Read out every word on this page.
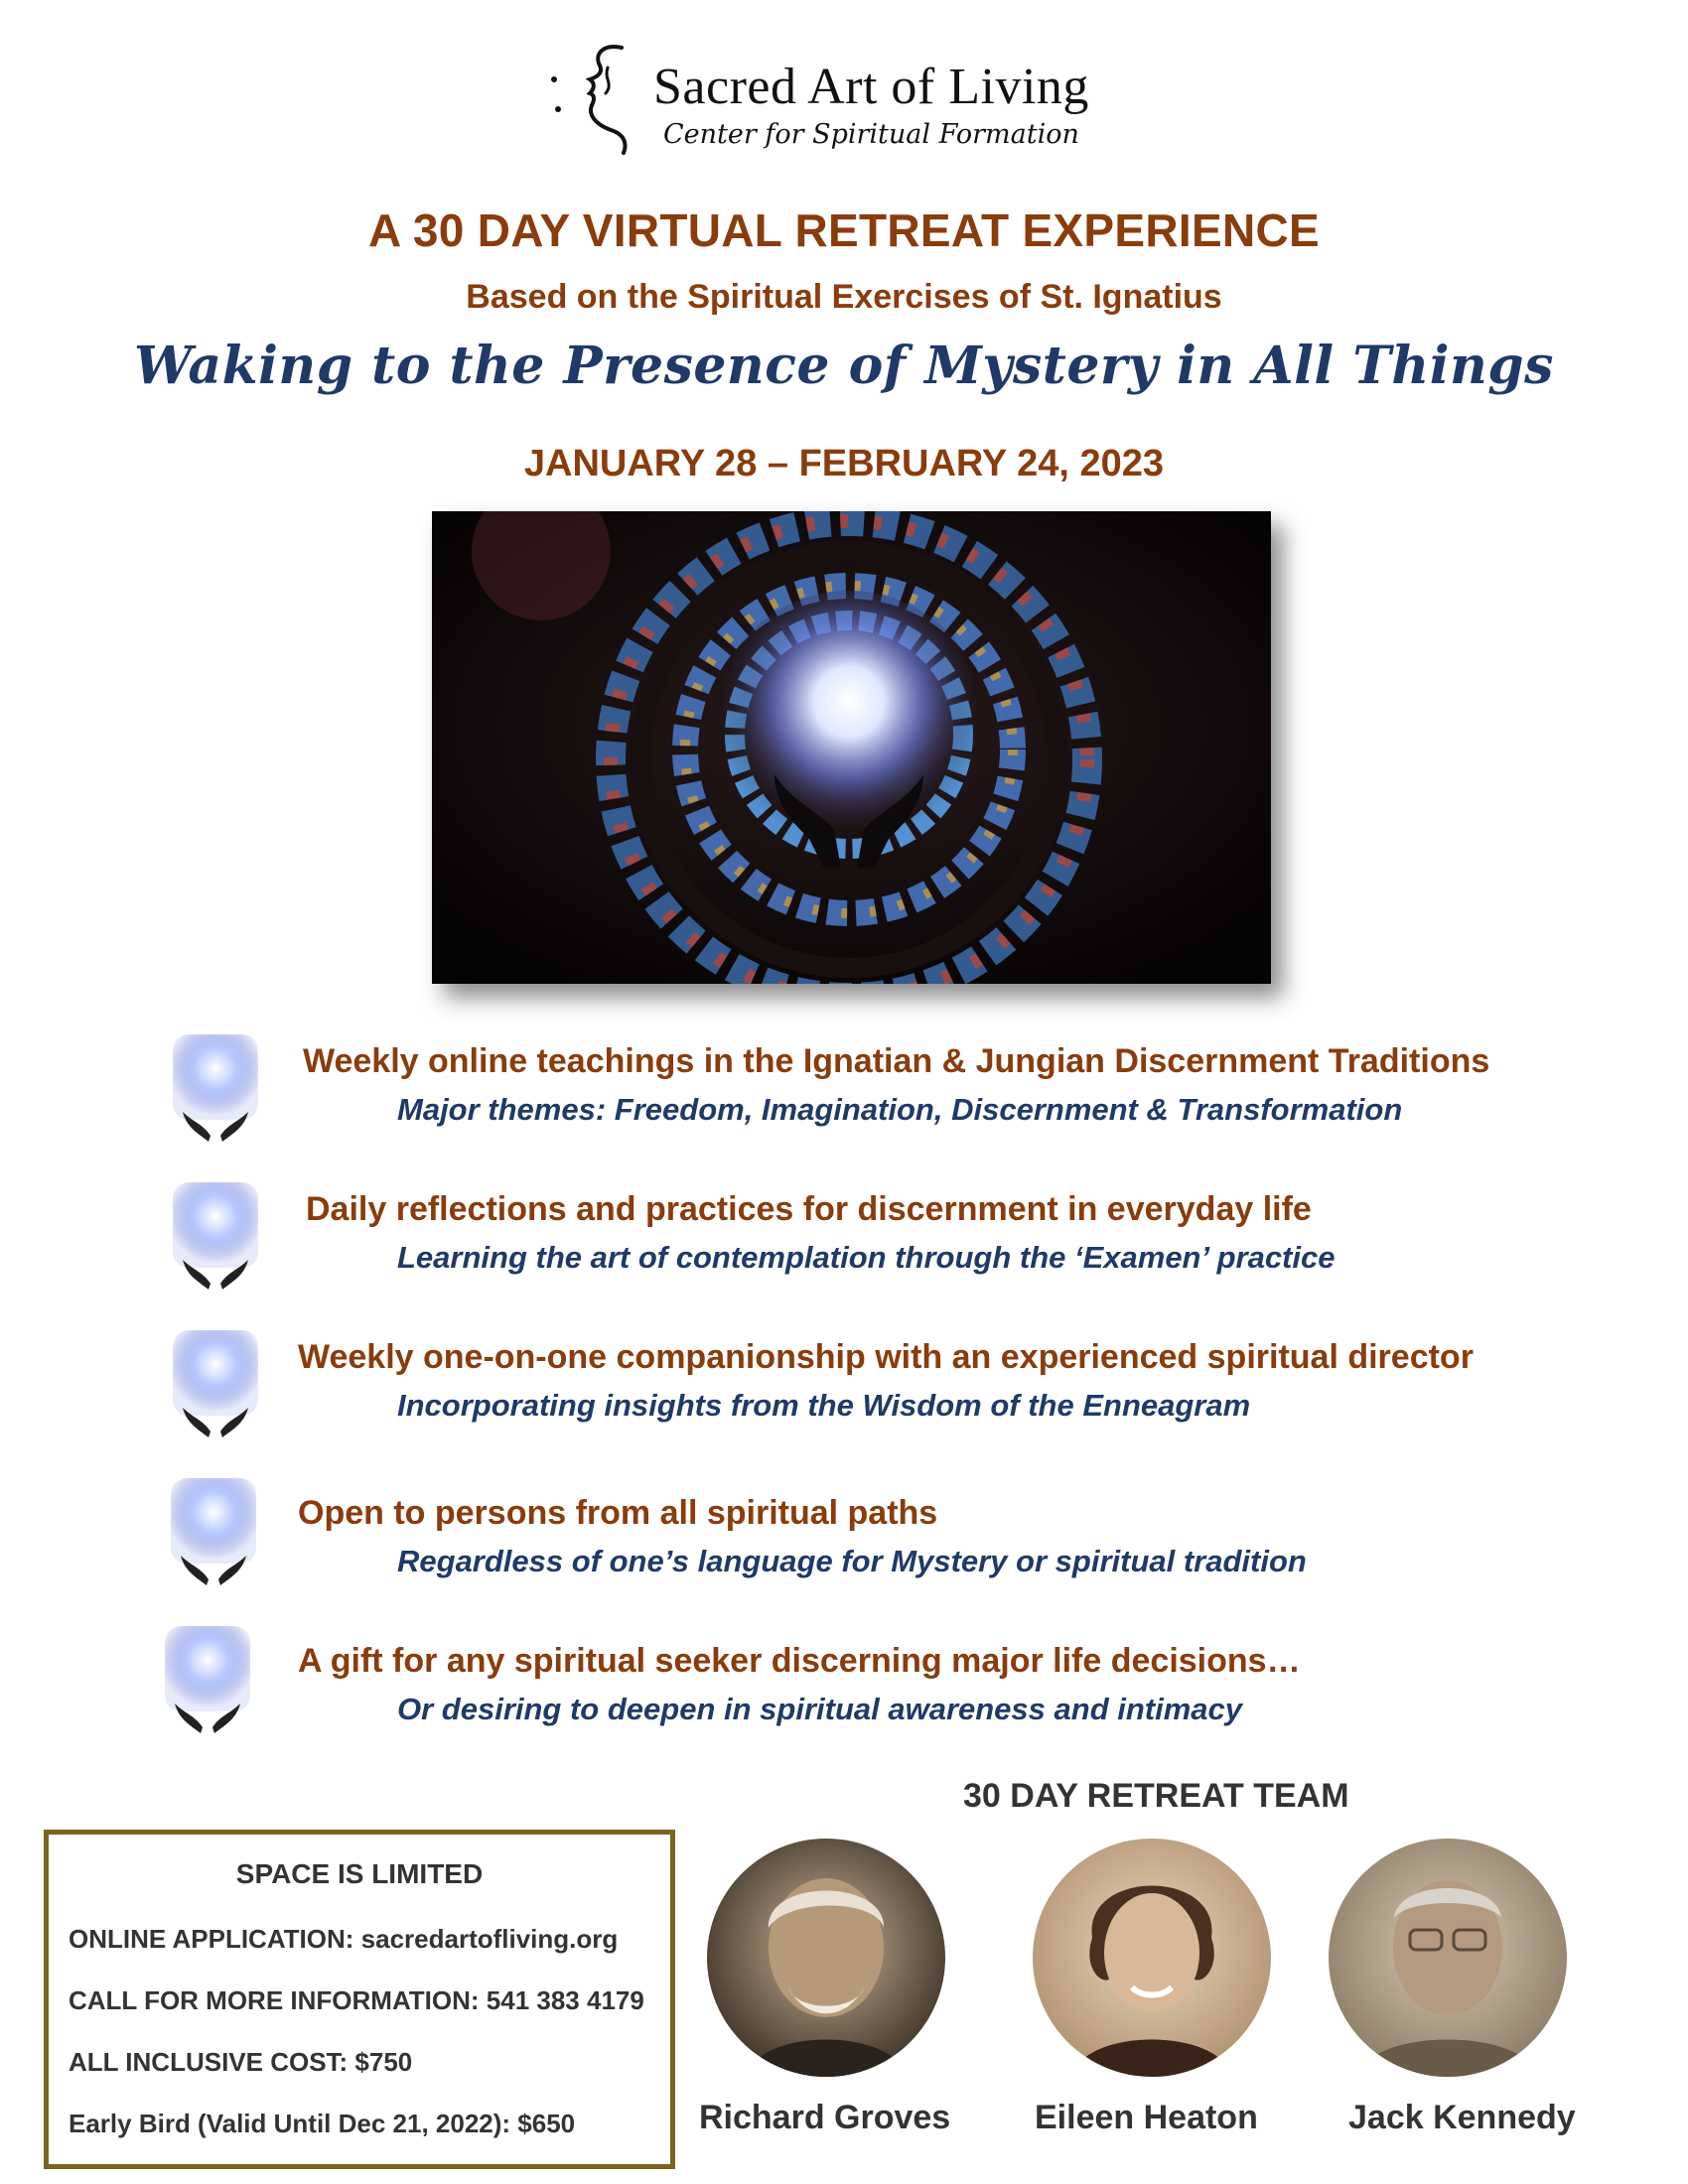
Sacred Art of Living
Center for Spiritual Formation
A 30 DAY VIRTUAL RETREAT EXPERIENCE
Based on the Spiritual Exercises of St. Ignatius
Waking to the Presence of Mystery in All Things
JANUARY 28 – FEBRUARY 24, 2023
Weekly online teachings in the Ignatian & Jungian Discernment Traditions
Major themes: Freedom, Imagination, Discernment & Transformation
Daily reflections and practices for discernment in everyday life
Learning the art of contemplation through the ‘Examen’ practice
Weekly one-on-one companionship with an experienced spiritual director
Incorporating insights from the Wisdom of the Enneagram
Open to persons from all spiritual paths
Regardless of one’s language for Mystery or spiritual tradition
A gift for any spiritual seeker discerning major life decisions…
Or desiring to deepen in spiritual awareness and intimacy
30 DAY RETREAT TEAM
SPACE IS LIMITED
ONLINE APPLICATION: sacredartofliving.org
CALL FOR MORE INFORMATION: 541 383 4179
ALL INCLUSIVE COST: $750
Early Bird (Valid Until Dec 21, 2022): $650	Richard Groves Eileen Heaton	Jack Kennedy
